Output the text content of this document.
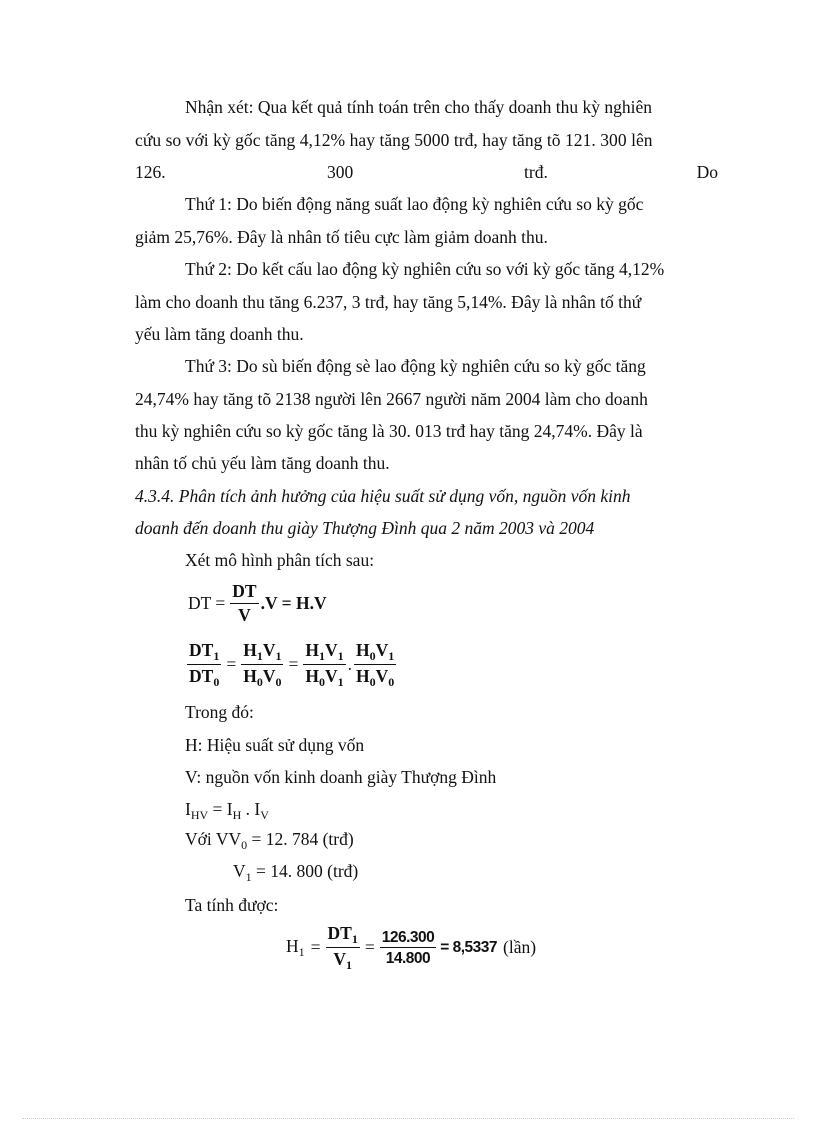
Nhận xét: Qua kết quả tính toán trên cho thấy doanh thu kỳ nghiên
cứu so với kỳ gốc tăng 4,12% hay tăng 5000 trđ, hay tăng tõ 121. 300 lên
126.	300	trđ.	Do
Thứ 1: Do biến động năng suất lao động kỳ nghiên cứu so kỳ gốc
giảm 25,76%. Đây là nhân tố tiêu cực làm giảm doanh thu.
Thứ 2: Do kết cấu lao động kỳ nghiên cứu so với kỳ gốc tăng 4,12%
làm cho doanh thu tăng 6.237, 3 trđ, hay tăng 5,14%. Đây là nhân tố thứ
yếu làm tăng doanh thu.
Thứ 3: Do sù biến động sè lao động kỳ nghiên cứu so kỳ gốc tăng
24,74% hay tăng tõ 2138 người lên 2667 người năm 2004 làm cho doanh
thu kỳ nghiên cứu so kỳ gốc tăng là 30. 013 trđ hay tăng 24,74%. Đây là
nhân tố chủ yếu làm tăng doanh thu.
4.3.4. Phân tích ảnh hưởng của hiệu suất sử dụng vốn, nguồn vốn kinh
doanh đến doanh thu giày Thượng Đình qua 2 năm 2003 và 2004
Xét mô hình phân tích sau:
DT = $\frac{DT}{V} .V = H.V$
$\frac{DT_1}{DT_0} = \frac{H_1V_1}{H_0V_0} = \frac{H_1V_1}{H_0V_1}$ . $\frac{H_0V_1}{H_0V_0}$
Trong đó:
H: Hiệu suất sử dụng vốn
V: nguồn vốn kinh doanh giày Thượng Đình
$I_{HV} = I_H$ . $I_V$
Với $VV_0 = 12$. 784 (trđ)
$V_1 = 14$. 800 (trđ)
Ta tính được:
$H_1 = \frac{DT_1}{V_1} = \frac{126.300}{14.800} = 8,5337$ (lần)
